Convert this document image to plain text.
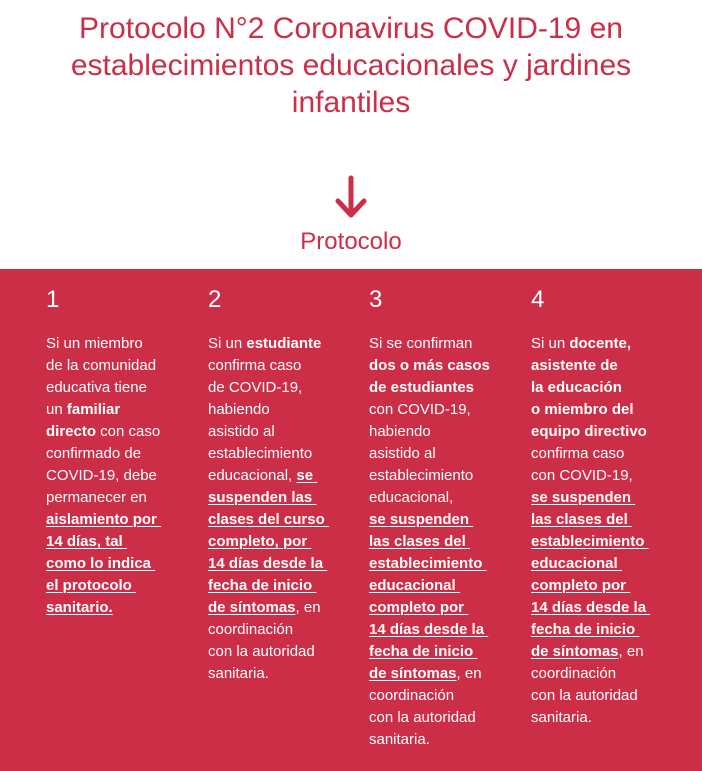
Protocolo N°2 Coronavirus COVID-19 en
establecimientos educacionales y jardines
infantiles
Protocolo
1
Si un miembro
de la comunidad
educativa tiene
un familiar
directo con caso
confirmado de
COVID-19, debe
permanecer en
aislamiento por
14 días, tal
como lo indica
el protocolo
sanitario.
2
Si un estudiante
confirma caso
de COVID-19,
habiendo
asistido al
establecimiento
educacional, se
suspenden las
clases del curso
completo, por
14 días desde la
fecha de inicio
de síntomas, en
coordinación
con la autoridad
sanitaria.
3
Si se confirman
dos o más casos
de estudiantes
con COVID-19,
habiendo
asistido al
establecimiento
educacional,
se suspenden
las clases del
establecimiento
educacional
completo por
14 días desde la
fecha de inicio
de síntomas, en
coordinación
con la autoridad
sanitaria.
4
Si un docente,
asistente de
la educación
o miembro del
equipo directivo
confirma caso
con COVID-19,
se suspenden
las clases del
establecimiento
educacional
completo por
14 días desde la
fecha de inicio
de síntomas, en
coordinación
con la autoridad
sanitaria.
